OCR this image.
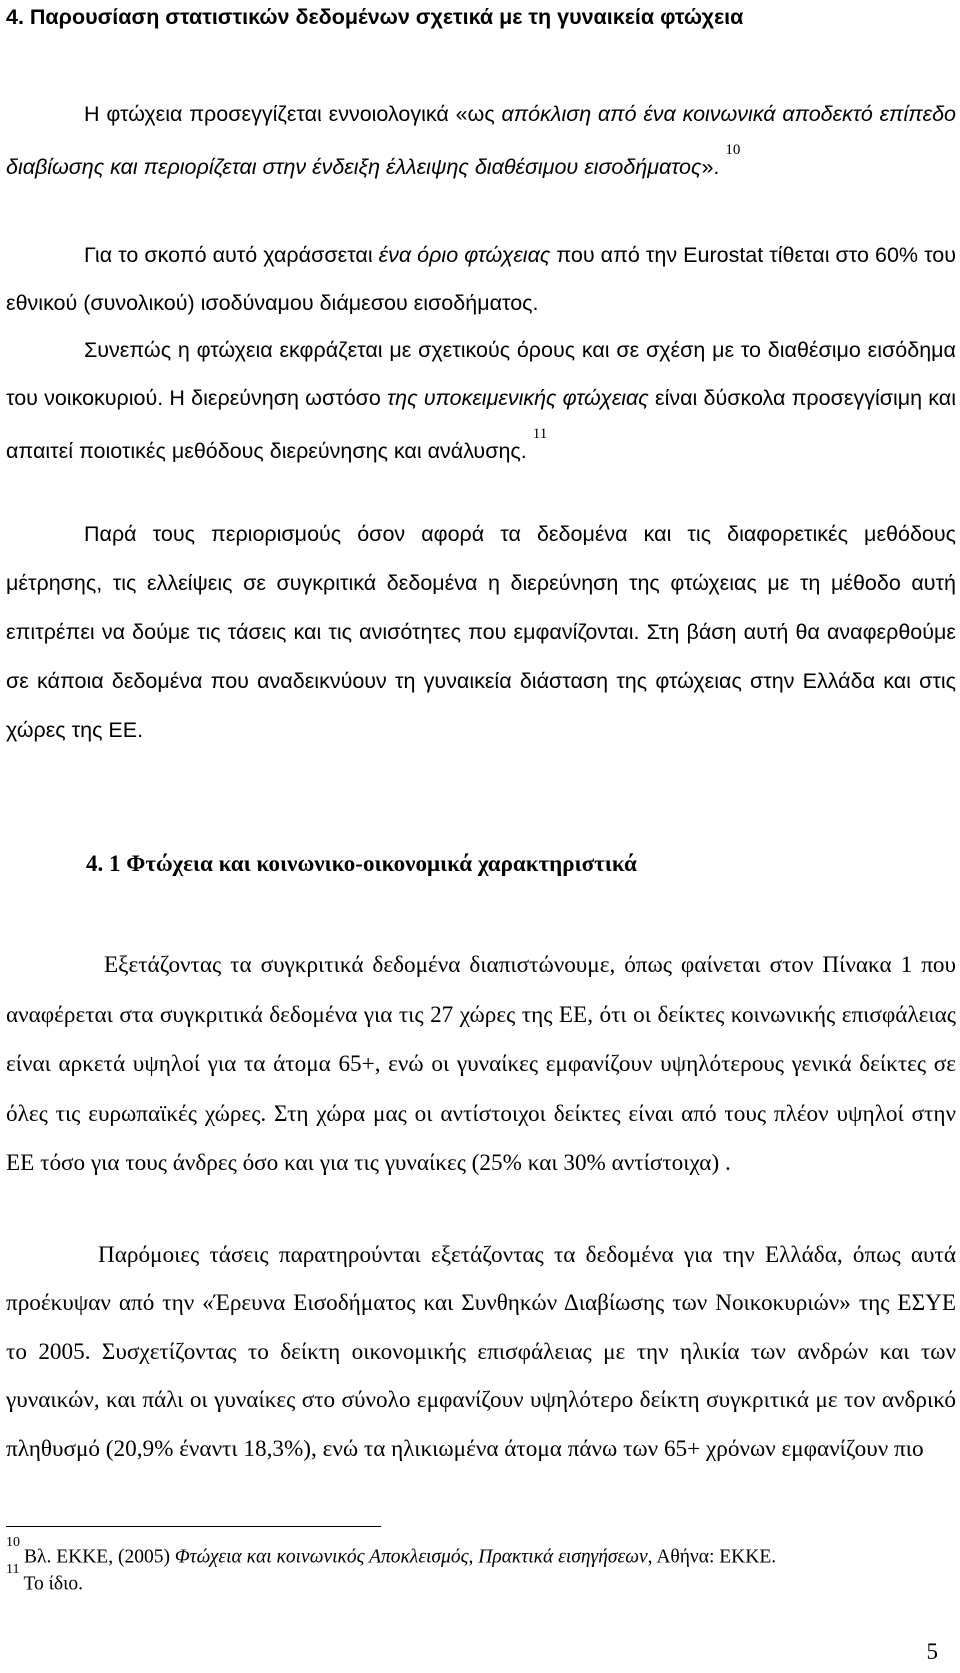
4. Παρουσίαση στατιστικών δεδομένων σχετικά με τη γυναικεία φτώχεια

Η φτώχεια προσεγγίζεται εννοιολογικά «ως απόκλιση από ένα κοινωνικά αποδεκτό επίπεδο διαβίωσης και περιορίζεται στην ένδειξη έλλειψης διαθέσιμου εισοδήματος».$^{10}$

Για το σκοπό αυτό χαράσσεται ένα όριο φτώχειας που από την Eurostat τίθεται στο 60% του εθνικού (συνολικού) ισοδύναμου διάμεσου εισοδήματος.

Συνεπώς η φτώχεια εκφράζεται με σχετικούς όρους και σε σχέση με το διαθέσιμο εισόδημα του νοικοκυριού. Η διερεύνηση ωστόσο της υποκειμενικής φτώχειας είναι δύσκολα προσεγγίσιμη και απαιτεί ποιοτικές μεθόδους διερεύνησης και ανάλυσης.$^{11}$

Παρά τους περιορισμούς όσον αφορά τα δεδομένα και τις διαφορετικές μεθόδους μέτρησης, τις ελλείψεις σε συγκριτικά δεδομένα η διερεύνηση της φτώχειας με τη μέθοδο αυτή επιτρέπει να δούμε τις τάσεις και τις ανισότητες που εμφανίζονται. Στη βάση αυτή θα αναφερθούμε σε κάποια δεδομένα που αναδεικνύουν τη γυναικεία διάσταση της φτώχειας στην Ελλάδα και στις χώρες της ΕΕ.

4. 1 Φτώχεια και κοινωνικο-οικονομικά χαρακτηριστικά

Εξετάζοντας τα συγκριτικά δεδομένα διαπιστώνουμε, όπως φαίνεται στον Πίνακα 1 που αναφέρεται στα συγκριτικά δεδομένα για τις 27 χώρες της ΕΕ, ότι οι δείκτες κοινωνικής επισφάλειας είναι αρκετά υψηλοί για τα άτομα 65+, ενώ οι γυναίκες εμφανίζουν υψηλότερους γενικά δείκτες σε όλες τις ευρωπαϊκές χώρες. Στη χώρα μας οι αντίστοιχοι δείκτες είναι από τους πλέον υψηλοί στην ΕΕ τόσο για τους άνδρες όσο και για τις γυναίκες (25% και 30% αντίστοιχα) .

Παρόμοιες τάσεις παρατηρούνται εξετάζοντας τα δεδομένα για την Ελλάδα, όπως αυτά προέκυψαν από την «Έρευνα Εισοδήματος και Συνθηκών Διαβίωσης των Νοικοκυριών» της ΕΣΥΕ το 2005. Συσχετίζοντας το δείκτη οικονομικής επισφάλειας με την ηλικία των ανδρών και των γυναικών, και πάλι οι γυναίκες στο σύνολο εμφανίζουν υψηλότερο δείκτη συγκριτικά με τον ανδρικό πληθυσμό (20,9% έναντι 18,3%), ενώ τα ηλικιωμένα άτομα πάνω των 65+ χρόνων εμφανίζουν πιο

$^{10}$Βλ. ΕΚΚΕ, (2005) Φτώχεια και κοινωνικός Αποκλεισμός, Πρακτικά εισηγήσεων, Αθήνα: ΕΚΚΕ.

$^{11}$Το ίδιο.

5
